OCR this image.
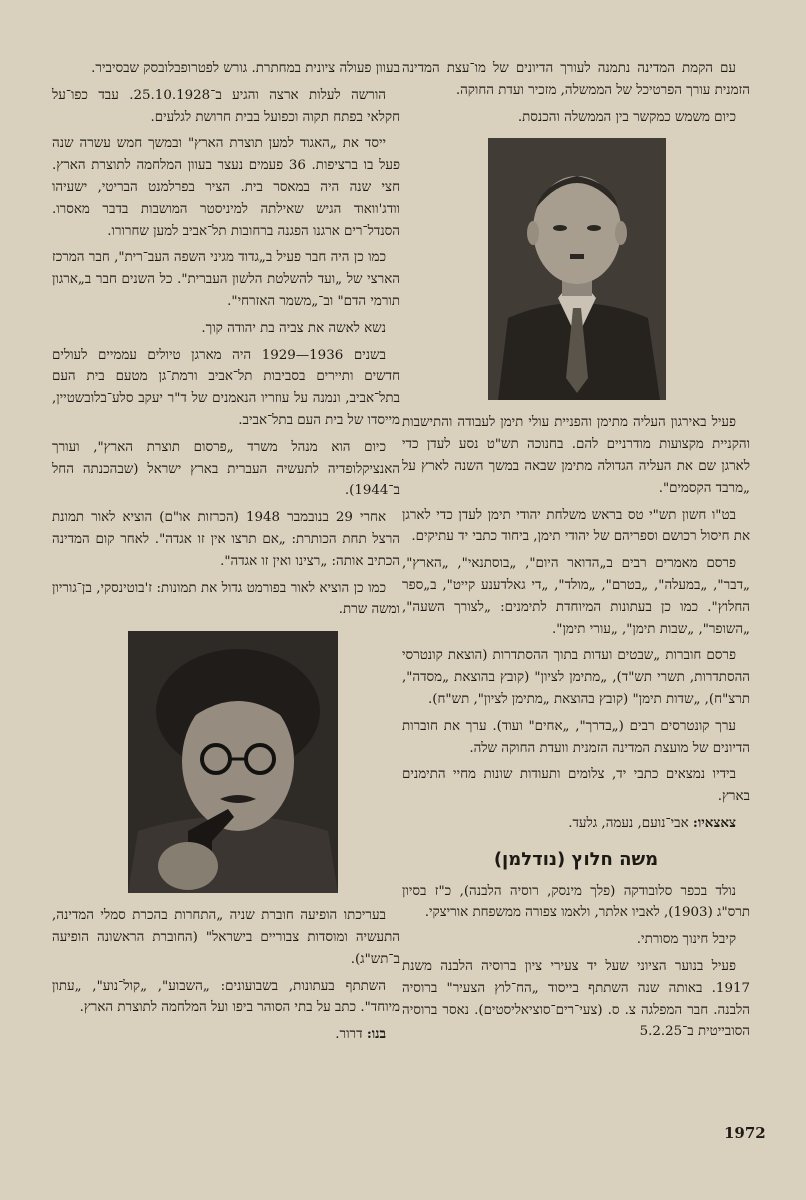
עם הקמת המדינה נתמנה לעורך הדיונים של מו־עצת המדינה הזמנית עורך הפרטיכל של הממשלה, מזכיר ועדת החוקה.

כיום משמש כמקשר בין הממשלה והכנסת.

פעיל באירגון העליה מתימן והפניית עולי תימן לעבודה והתישבות והקניית מקצועות מודרניים להם. בחנוכה תש"ט נסע לעדן כדי לארגן שם את העליה הגדולה מתימן שבאה במשך השנה לארץ על „מרבד הקסמים".

בט"ו חשון תש"י טס בראש משלחת יהודי תימן לעדן כדי לארגן את חיסול רכושם וספריהם של יהודי תימן, ביחוד כתבי יד עתיקים.

פרסם מאמרים רבים ב„הדואר היום", „בוסתנאי", „הארץ", „דבר", „במעלה", „בטרם", „מולד", „די גאלדענע קייט", ב„ספר החלוץ". כמו כן בעתונות המיוחדת לתימנים: „לצורך השעה", „השופר", „שבות תימן", „עורי תימן".

פרסם חוברות „שבטים ועדות בתוך ההסתדרות (הוצאת קונטרסי ההסתדרות, תשרי תש"ד), „מתימן לציון" (קובץ בהוצאת „מסדה", תרצ"ח), „שדות תימן" (קובץ בהוצאת „מתימן לציון", תש"ח).

ערך קונטרסים רבים („בדרך", „אחים" ועוד). ערך את חוברות הדיונים של מועצת המדינה הזמנית וועדת החוקה שלה.

בידיו נמצאים כתבי יד, צלומים ותעודות שונות מחיי התימנים בארץ.

צאצאיו: אבי־נועם, נעמה, גלעד.

משה חלוץ (נודלמן)

נולד בכפר סלובודקה (פלך מינסק, רוסיה הלבנה), כ"ז בסיון תרס"ג (1903), לאביו אלתר, ולאמו צפורה ממשפחת אוריצקי.

קיבל חינוך מסורתי.

פעיל בנוער הציוני שעל יד צעירי ציון ברוסיה הלבנה משנת 1917. באותה שנה השתתף בייסוד „הח־לוץ הצעיר" ברוסיה הלבנה. חבר המפלגה צ. ס. (צעי־רים־סוציאליסטים). נאסר ברוסיה הסובייטית ב־5.2.25

בעוון פעולה ציונית במחתרת. גורש לפטרופבלובסק שבסיביר.

הורשה לעלות ארצה והגיע ב־25.10.1928. עבד כפו־על חקלאי בפתח תקוה וכפועל בבית חרושת לגלעים.

ייסד את „האגוד למען תוצרת הארץ" ובמשך חמש עשרה שנה פעל בו ברציפות. 36 פעמים נעצר בעוון המלחמה לתוצרת הארץ. חצי שנה היה במאסר בית. הציר בפרלמנט הבריטי, ישעיהו וודג'וואוד הגיש שאילתה למיניסטר המושבות בדבר מאסרו. הסנדל־רים ארגנו הפגנה ברחובות תל־אביב למען שחרורו.

כמו כן היה חבר פעיל ב„גדוד מגיני השפה העב־רית", חבר המרכז הארצי של „ועד להשלטת הלשון העברית". כל השנים חבר ב„ארגון תורמי הדם" וב־„משמר האזרחי".

נשא לאשה את צביה בת יהודה קוך.

בשנים 1936—1929 היה מארגן טיולים עממיים לעולים חדשים ותיירים בסביבות תל־אביב ורמת־גן מטעם בית העם בתל־אביב, ונמנה על עוזריו הנאמנים של ד"ר יעקב סלע־בלובשטיין, מייסדו של בית העם בתל־אביב.

כיום הוא מנהל משרד „פרסום תוצרת הארץ", ועורך האנציקלופדיה לתעשיה העברית בארץ ישראל (שבהכנתה החל ב־1944).

אחרי 29 בנובמבר 1948 (הכרזות או"ם) הוציא לאור תמונת הרצל תחת הכותרת: „אם תרצו אין זו אגדה". לאחר קום המדינה הכתיב אותה: „רצינו ואין זו אגדה".

כמו כן הוציא לאור בפורמט גדול את תמונות: ז'בוטינסקי, בן־גוריון ומשה שרת.

בעריכתו הופיעה חוברת שניה „התחרות בהכרת סמלי המדינה, התעשיה ומוסדות צבוריים בישראל" (החוברת הראשונה הופיעה ב־תש"ג).

השתתף בעתונות, בשבועונים: „השבוע", „קול־נוע", „עתון מיוחד". כתב על בתי הסוהר ביפו ועל המלחמה לתוצרת הארץ.

בנו: דרור.

1972
